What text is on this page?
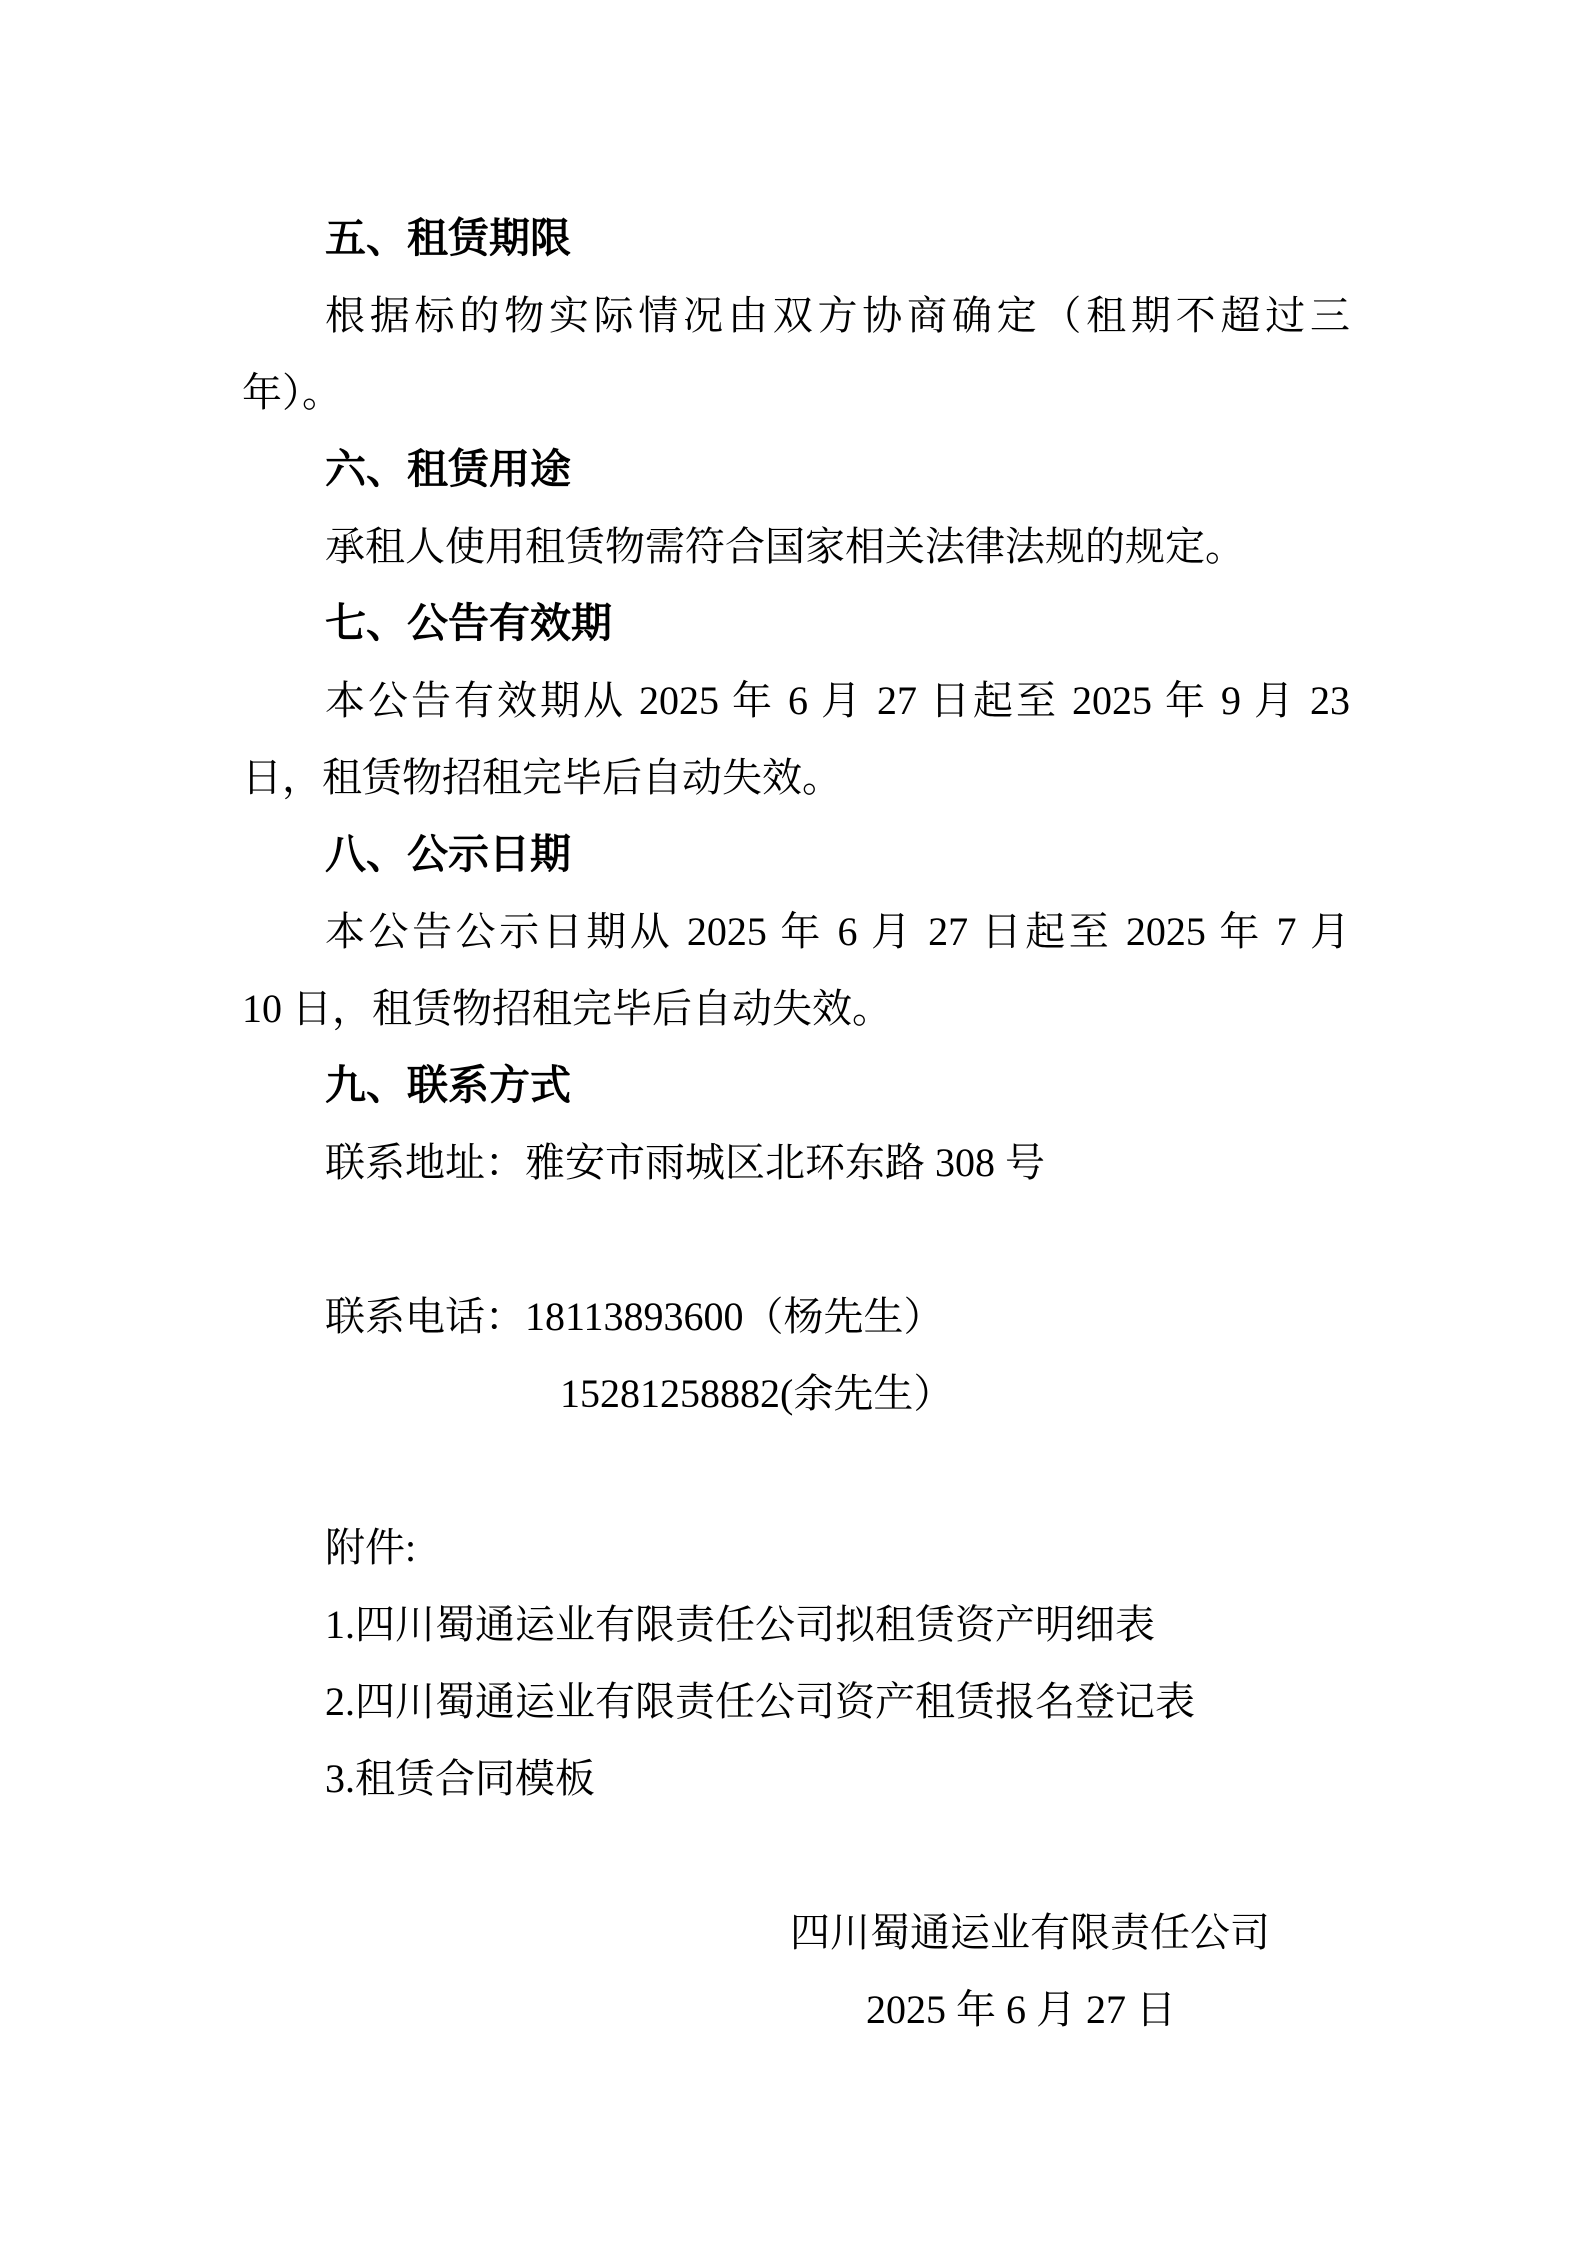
五、租赁期限

根据标的物实际情况由双方协商确定（租期不超过三

年）。

六、租赁用途

承租人使用租赁物需符合国家相关法律法规的规定。

七、公告有效期

本公告有效期从 2025 年 6 月 27 日起至 2025 年 9 月 23

日，租赁物招租完毕后自动失效。

八、公示日期

本公告公示日期从 2025 年 6 月 27 日起至 2025 年 7 月

10 日，租赁物招租完毕后自动失效。

九、联系方式

联系地址：雅安市雨城区北环东路 308 号

联系电话：18113893600（杨先生）

15281258882(余先生）

附件:

1.四川蜀通运业有限责任公司拟租赁资产明细表

2.四川蜀通运业有限责任公司资产租赁报名登记表

3.租赁合同模板

四川蜀通运业有限责任公司

2025 年 6 月 27 日
